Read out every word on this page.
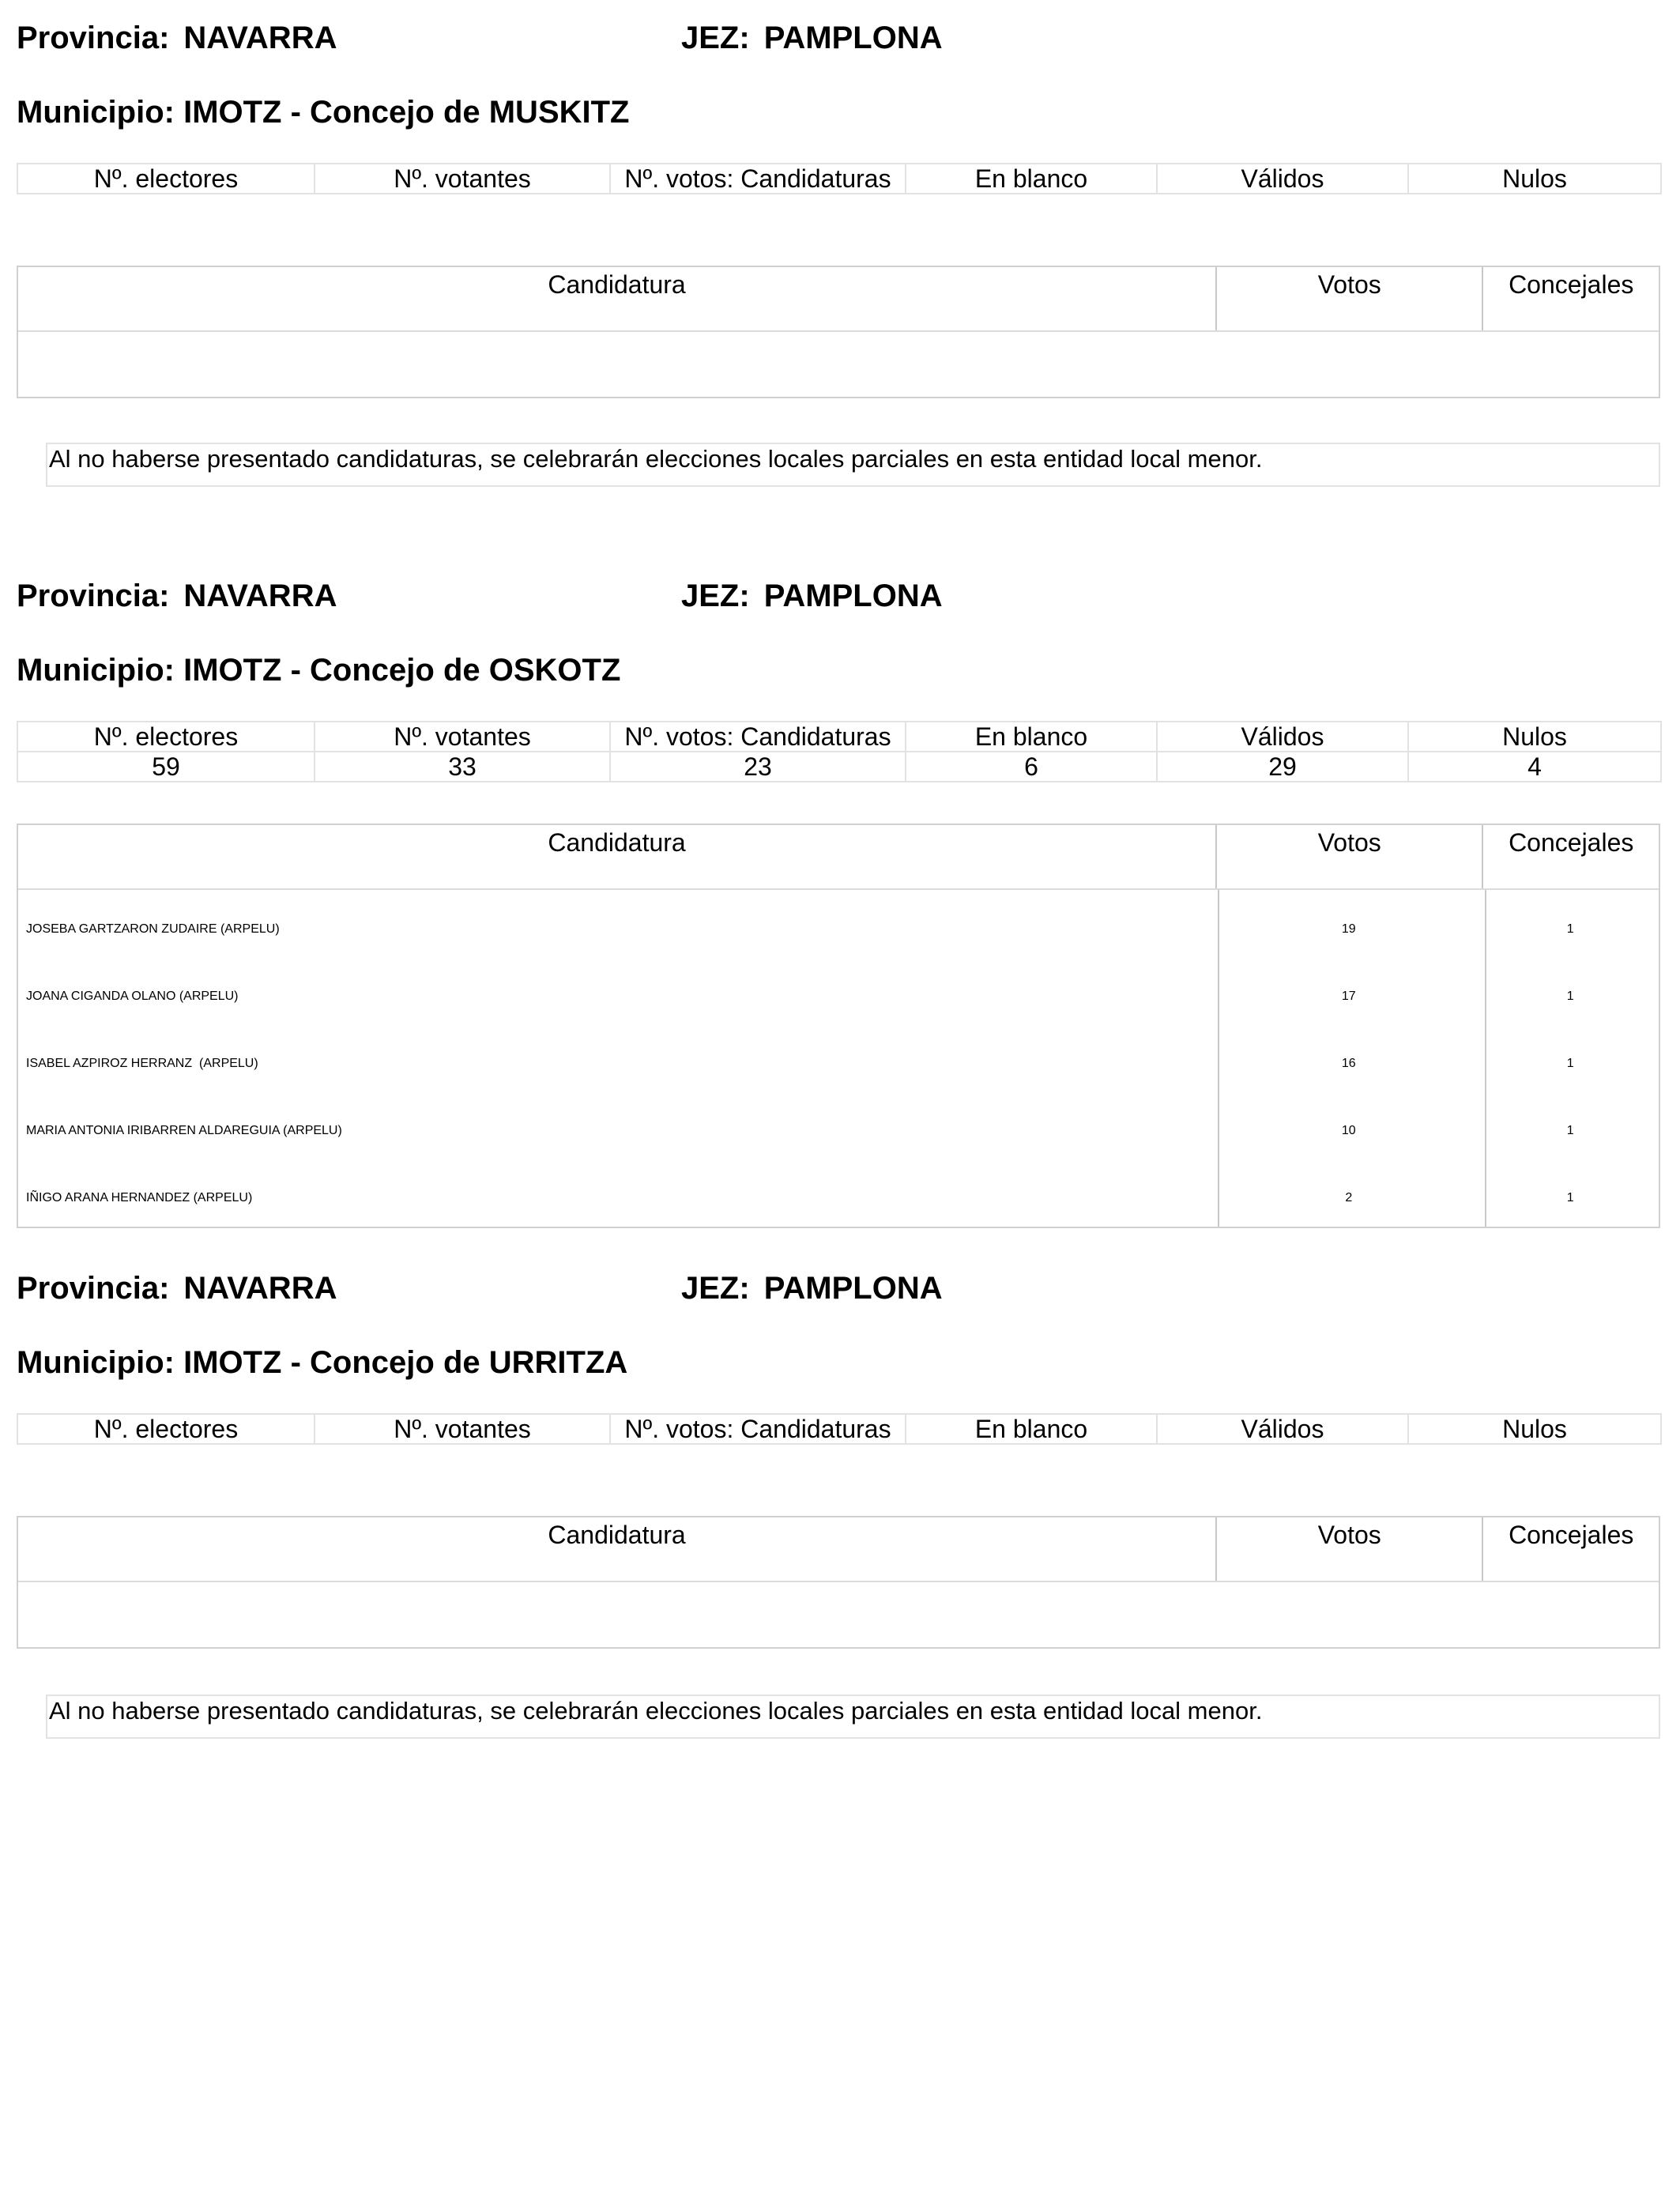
Provincia: NAVARRA	JEZ: PAMPLONA
Municipio: IMOTZ - Concejo de MUSKITZ
Nº. electores	Nº. votantes	Nº. votos: Candidaturas	En blanco	Válidos	Nulos
Candidatura	Votos	Concejales
Al no haberse presentado candidaturas, se celebrarán elecciones locales parciales en esta entidad local menor.
Provincia: NAVARRA	JEZ: PAMPLONA
Municipio: IMOTZ - Concejo de OSKOTZ
Nº. electores	Nº. votantes	Nº. votos: Candidaturas	En blanco	Válidos	Nulos
59	33	23	6	29	4
Candidatura	Votos	Concejales
JOSEBA GARTZARON ZUDAIRE (ARPELU)	19	1
JOANA CIGANDA OLANO (ARPELU)	17	1
ISABEL AZPIROZ HERRANZ  (ARPELU)	16	1
MARIA ANTONIA IRIBARREN ALDAREGUIA (ARPELU)	10	1
IÑIGO ARANA HERNANDEZ (ARPELU)	2	1
Provincia: NAVARRA	JEZ: PAMPLONA
Municipio: IMOTZ - Concejo de URRITZA
Nº. electores	Nº. votantes	Nº. votos: Candidaturas	En blanco	Válidos	Nulos
Candidatura	Votos	Concejales
Al no haberse presentado candidaturas, se celebrarán elecciones locales parciales en esta entidad local menor.
